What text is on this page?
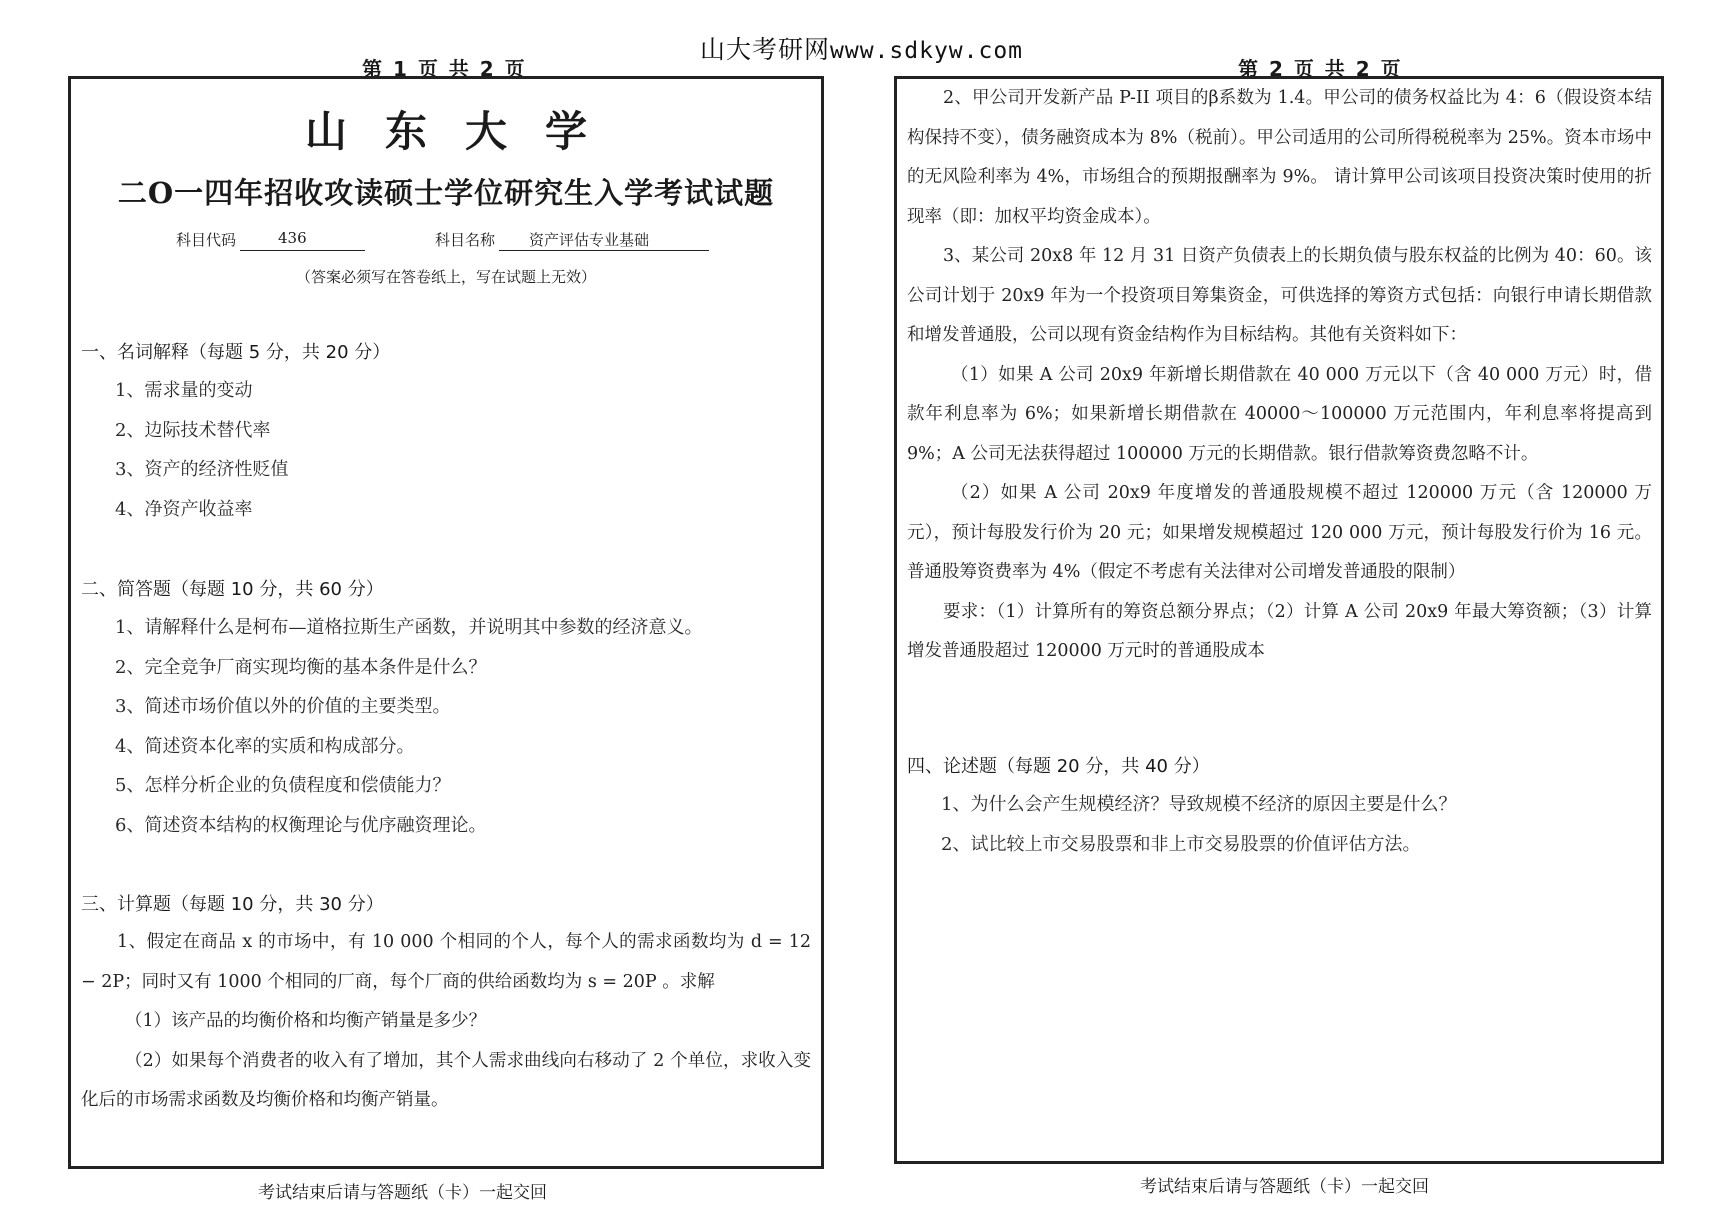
山大考研网www.sdkyw.com
第 1 页 共 2 页	第 2 页 共 2 页
山东大学
二O一四年招收攻读硕士学位研究生入学考试试题
科目代码	436	科目名称	资产评估专业基础
（答案必须写在答卷纸上，写在试题上无效）
一、名词解释（每题 5 分，共 20 分）
1、需求量的变动
2、边际技术替代率
3、资产的经济性贬值
4、净资产收益率
二、简答题（每题 10 分，共 60 分）
1、请解释什么是柯布—道格拉斯生产函数，并说明其中参数的经济意义。
2、完全竞争厂商实现均衡的基本条件是什么？
3、简述市场价值以外的价值的主要类型。
4、简述资本化率的实质和构成部分。
5、怎样分析企业的负债程度和偿债能力？
6、简述资本结构的权衡理论与优序融资理论。
三、计算题（每题 10 分，共 30 分）

1、假定在商品 x 的市场中，有 10 000 个相同的个人，每个人的需求函数均为 d = 12 − 2P；同时又有 1000 个相同的厂商，每个厂商的供给函数均为 s = 20P 。求解

（1）该产品的均衡价格和均衡产销量是多少？

（2）如果每个消费者的收入有了增加，其个人需求曲线向右移动了 2 个单位，求收入变化后的市场需求函数及均衡价格和均衡产销量。

考试结束后请与答题纸（卡）一起交回

2、甲公司开发新产品 P-II 项目的β系数为 1.4。甲公司的债务权益比为 4：6（假设资本结构保持不变），债务融资成本为 8%（税前）。甲公司适用的公司所得税税率为 25%。资本市场中的无风险利率为 4%，市场组合的预期报酬率为 9%。 请计算甲公司该项目投资决策时使用的折现率（即：加权平均资金成本）。

3、某公司 20x8 年 12 月 31 日资产负债表上的长期负债与股东权益的比例为 40：60。该公司计划于 20x9 年为一个投资项目筹集资金，可供选择的筹资方式包括：向银行申请长期借款和增发普通股，公司以现有资金结构作为目标结构。其他有关资料如下：

（1）如果 A 公司 20x9 年新增长期借款在 40 000 万元以下（含 40 000 万元）时，借款年利息率为 6%；如果新增长期借款在 40000～100000 万元范围内，年利息率将提高到 9%；A 公司无法获得超过 100000 万元的长期借款。银行借款筹资费忽略不计。

（2）如果 A 公司 20x9 年度增发的普通股规模不超过 120000 万元（含 120000 万元），预计每股发行价为 20 元；如果增发规模超过 120 000 万元，预计每股发行价为 16 元。普通股筹资费率为 4%（假定不考虑有关法律对公司增发普通股的限制）

要求：（1）计算所有的筹资总额分界点；（2）计算 A 公司 20x9 年最大筹资额；（3）计算增发普通股超过 120000 万元时的普通股成本

四、论述题（每题 20 分，共 40 分）
1、为什么会产生规模经济？导致规模不经济的原因主要是什么？
2、试比较上市交易股票和非上市交易股票的价值评估方法。
考试结束后请与答题纸（卡）一起交回
